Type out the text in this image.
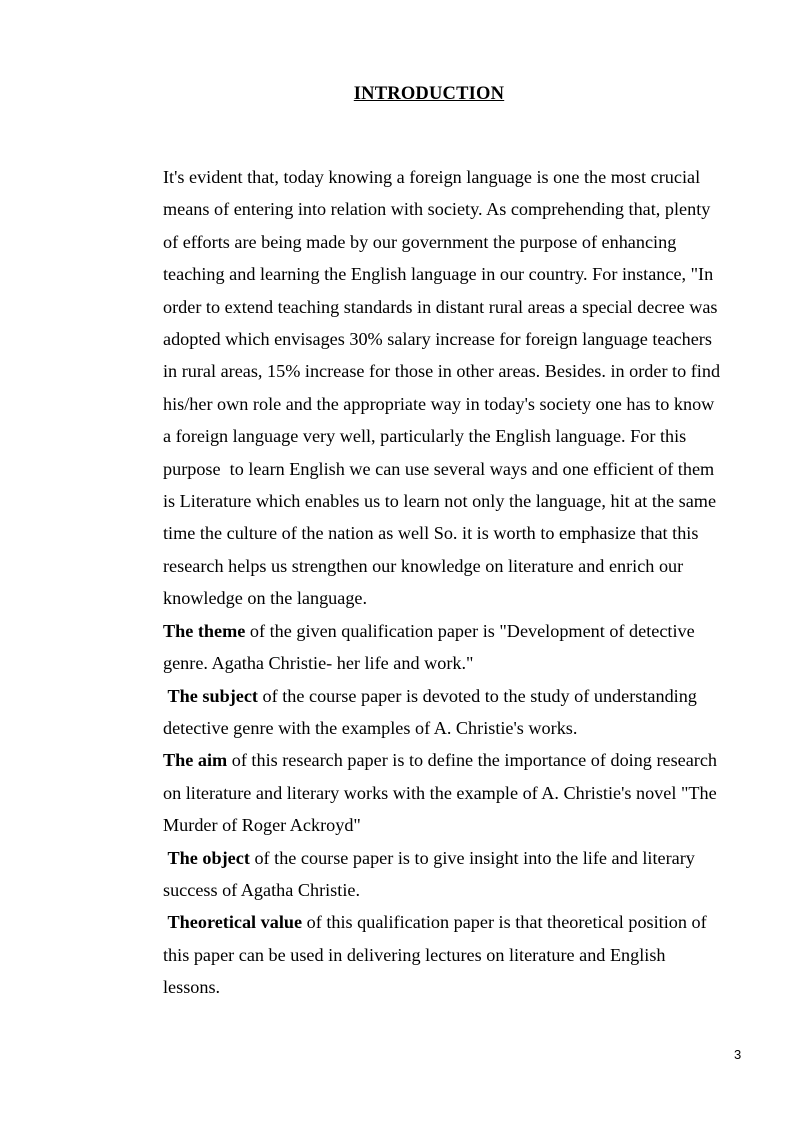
INTRODUCTION

It's evident that, today knowing a foreign language is one the most crucial
means of entering into relation with society. As comprehending that, plenty
of efforts are being made by our government the purpose of enhancing
teaching and learning the English language in our country. For instance, "In
order to extend teaching standards in distant rural areas a special decree was
adopted which envisages 30% salary increase for foreign language teachers
in rural areas, 15% increase for those in other areas. Besides. in order to find
his/her own role and the appropriate way in today's society one has to know
a foreign language very well, particularly the English language. For this
purpose  to learn English we can use several ways and one efficient of them
is Literature which enables us to learn not only the language, hit at the same
time the culture of the nation as well So. it is worth to emphasize that this
research helps us strengthen our knowledge on literature and enrich our
knowledge on the language.

The theme of the given qualification paper is "Development of detective
genre. Agatha Christie- her life and work."

The subject of the course paper is devoted to the study of understanding
detective genre with the examples of A. Christie's works.

The aim of this research paper is to define the importance of doing research
on literature and literary works with the example of A. Christie's novel "The
Murder of Roger Ackroyd"

The object of the course paper is to give insight into the life and literary
success of Agatha Christie.

Theoretical value of this qualification paper is that theoretical position of
this paper can be used in delivering lectures on literature and English
lessons.

3
